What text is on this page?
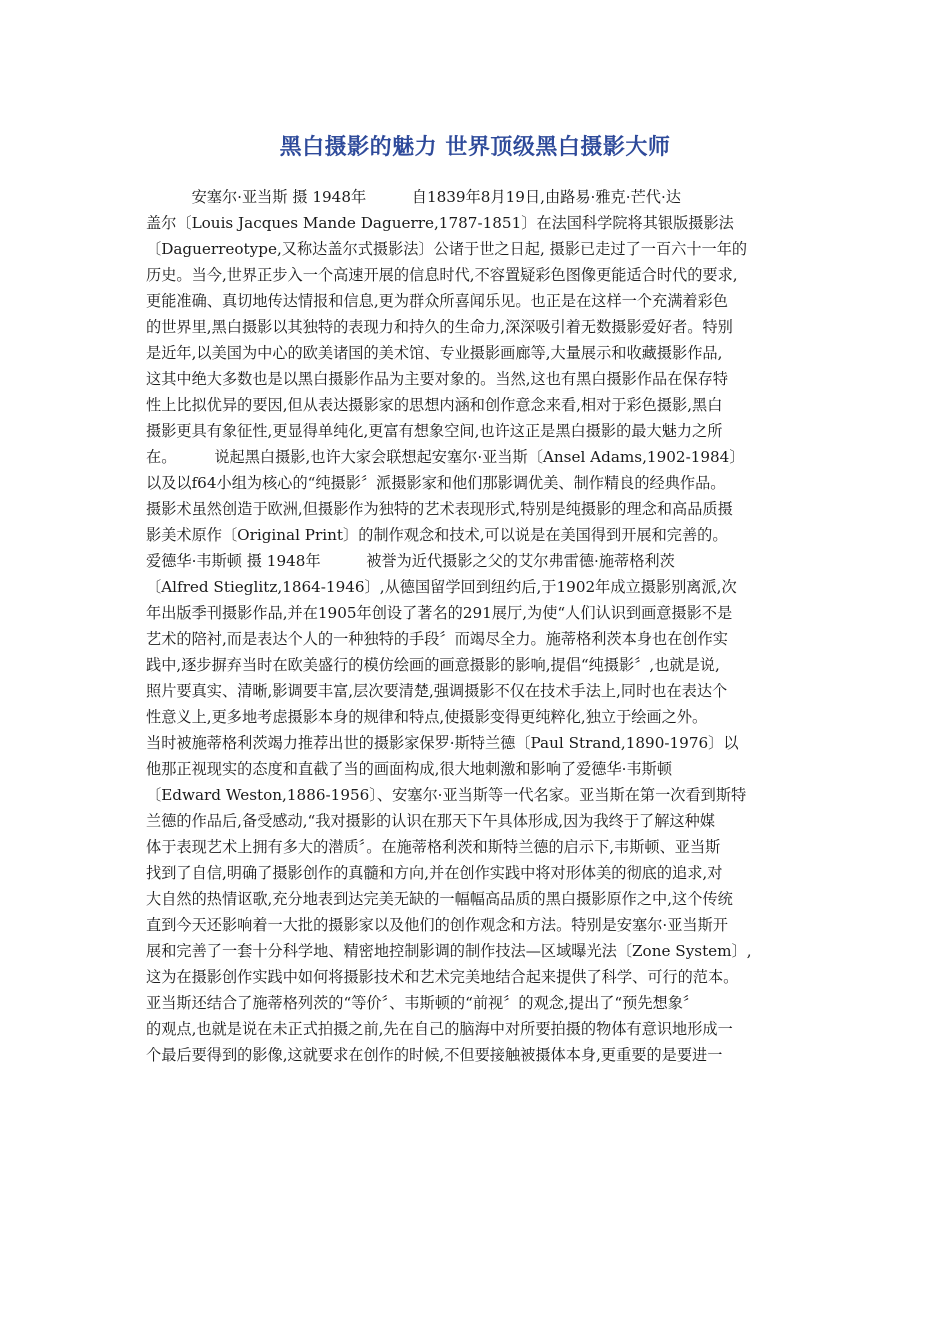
黑白摄影的魅力 世界顶级黑白摄影大师
　　　安塞尔·亚当斯 摄 1948年　　　自1839年8月19日,由路易·雅克·芒代·达
盖尔〔Louis Jacques Mande Daguerre,1787-1851〕在法国科学院将其银版摄影法
〔Daguerreotype,又称达盖尔式摄影法〕公诸于世之日起, 摄影已走过了一百六十一年的
历史。当今,世界正步入一个高速开展的信息时代,不容置疑彩色图像更能适合时代的要求,
更能准确、真切地传达情报和信息,更为群众所喜闻乐见。也正是在这样一个充满着彩色
的世界里,黑白摄影以其独特的表现力和持久的生命力,深深吸引着无数摄影爱好者。特别
是近年,以美国为中心的欧美诸国的美术馆、专业摄影画廊等,大量展示和收藏摄影作品,
这其中绝大多数也是以黑白摄影作品为主要对象的。当然,这也有黑白摄影作品在保存特
性上比拟优异的要因,但从表达摄影家的思想内涵和创作意念来看,相对于彩色摄影,黑白
摄影更具有象征性,更显得单纯化,更富有想象空间,也许这正是黑白摄影的最大魅力之所
在。　　　说起黑白摄影,也许大家会联想起安塞尔·亚当斯〔Ansel Adams,1902-1984〕
以及以f64小组为核心的“纯摄影〞派摄影家和他们那影调优美、制作精良的经典作品。
摄影术虽然创造于欧洲,但摄影作为独特的艺术表现形式,特别是纯摄影的理念和高品质摄
影美术原作〔Original Print〕的制作观念和技术,可以说是在美国得到开展和完善的。
爱德华·韦斯顿 摄 1948年　　　被誉为近代摄影之父的艾尔弗雷德·施蒂格利茨
〔Alfred Stieglitz,1864-1946〕,从德国留学回到纽约后,于1902年成立摄影别离派,次
年出版季刊摄影作品,并在1905年创设了著名的291展厅,为使“人们认识到画意摄影不是
艺术的陪衬,而是表达个人的一种独特的手段〞而竭尽全力。施蒂格利茨本身也在创作实
践中,逐步摒弃当时在欧美盛行的模仿绘画的画意摄影的影响,提倡“纯摄影〞,也就是说,
照片要真实、清晰,影调要丰富,层次要清楚,强调摄影不仅在技术手法上,同时也在表达个
性意义上,更多地考虑摄影本身的规律和特点,使摄影变得更纯粹化,独立于绘画之外。
当时被施蒂格利茨竭力推荐出世的摄影家保罗·斯特兰德〔Paul Strand,1890-1976〕以
他那正视现实的态度和直截了当的画面构成,很大地刺激和影响了爱德华·韦斯顿
〔Edward Weston,1886-1956〕、安塞尔·亚当斯等一代名家。亚当斯在第一次看到斯特
兰德的作品后,备受感动,“我对摄影的认识在那天下午具体形成,因为我终于了解这种媒
体于表现艺术上拥有多大的潜质〞。在施蒂格利茨和斯特兰德的启示下,韦斯顿、亚当斯
找到了自信,明确了摄影创作的真髓和方向,并在创作实践中将对形体美的彻底的追求,对
大自然的热情讴歌,充分地表到达完美无缺的一幅幅高品质的黑白摄影原作之中,这个传统
直到今天还影响着一大批的摄影家以及他们的创作观念和方法。特别是安塞尔·亚当斯开
展和完善了一套十分科学地、精密地控制影调的制作技法—区域曝光法〔Zone System〕,
这为在摄影创作实践中如何将摄影技术和艺术完美地结合起来提供了科学、可行的范本。
亚当斯还结合了施蒂格列茨的“等价〞、韦斯顿的“前视〞的观念,提出了“预先想象〞
的观点,也就是说在未正式拍摄之前,先在自己的脑海中对所要拍摄的物体有意识地形成一
个最后要得到的影像,这就要求在创作的时候,不但要接触被摄体本身,更重要的是要进一
